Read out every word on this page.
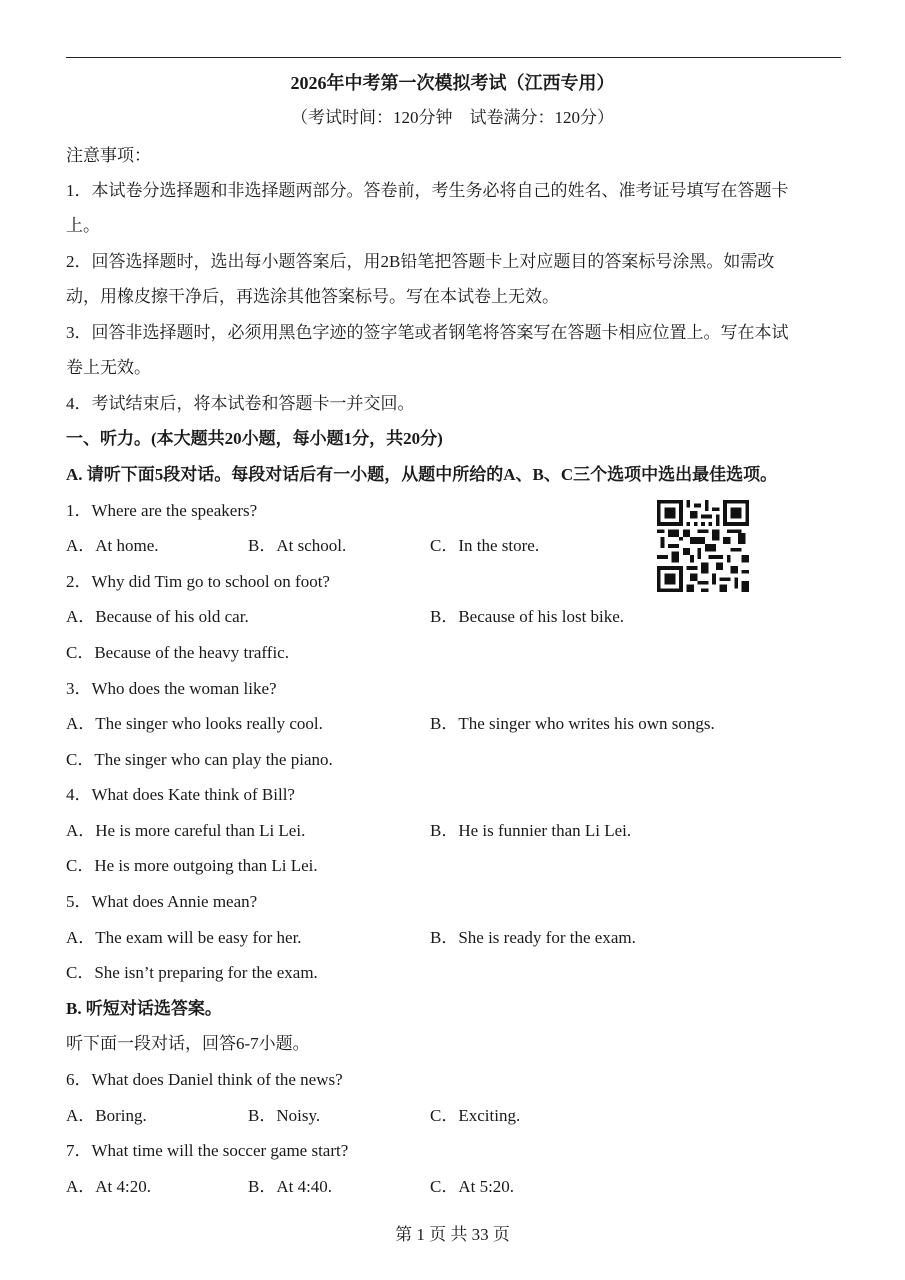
2026年中考第一次模拟考试（江西专用）
（考试时间：120分钟　试卷满分：120分）
注意事项：
1．本试卷分选择题和非选择题两部分。答卷前，考生务必将自己的姓名、准考证号填写在答题卡
上。
2．回答选择题时，选出每小题答案后，用2B铅笔把答题卡上对应题目的答案标号涂黑。如需改
动，用橡皮擦干净后，再选涂其他答案标号。写在本试卷上无效。
3．回答非选择题时，必须用黑色字迹的签字笔或者钢笔将答案写在答题卡相应位置上。写在本试
卷上无效。
4．考试结束后，将本试卷和答题卡一并交回。
一、听力。(本大题共20小题，每小题1分，共20分)
A. 请听下面5段对话。每段对话后有一小题，从题中所给的A、B、C三个选项中选出最佳选项。
1．Where are the speakers?
A．At home.	B．At school.	C．In the store.
2．Why did Tim go to school on foot?
A．Because of his old car.	B．Because of his lost bike.
C．Because of the heavy traffic.
3．Who does the woman like?
A．The singer who looks really cool.	B．The singer who writes his own songs.
C．The singer who can play the piano.
4．What does Kate think of Bill?
A．He is more careful than Li Lei.	B．He is funnier than Li Lei.
C．He is more outgoing than Li Lei.
5．What does Annie mean?
A．The exam will be easy for her.	B．She is ready for the exam.
C．She isn’t preparing for the exam.
B. 听短对话选答案。
听下面一段对话，回答6-7小题。
6．What does Daniel think of the news?
A．Boring.	B．Noisy.	C．Exciting.
7．What time will the soccer game start?
A．At 4:20.	B．At 4:40.	C．At 5:20.
第 1 页 共 33 页
